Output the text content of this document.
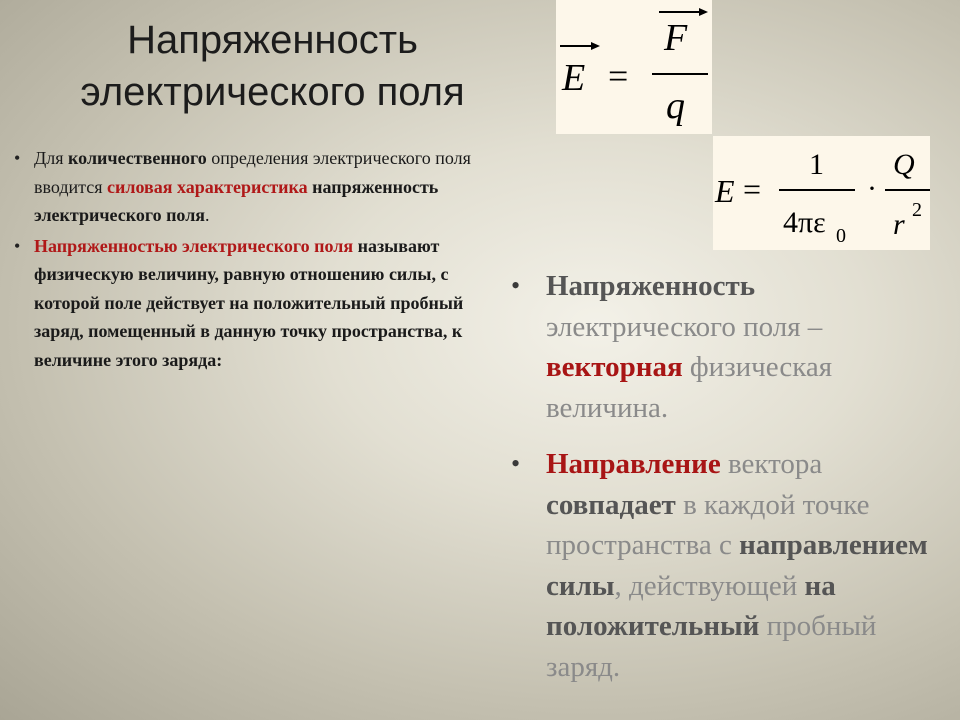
Напряженность
электрического поля	E =
F
q
E =
1
4πε 0
·
Q
r 2
• Для количественного определения электрического поля вводится силовая характеристика напряженность электрического поля.
• Напряженностью электрического поля называют физическую величину, равную отношению силы, с которой поле действует на положительный пробный заряд, помещенный в данную точку пространства, к величине этого заряда:
• Напряженность электрического поля – векторная физическая величина.
• Направление вектора совпадает в каждой точке пространства с направлением силы, действующей на положительный пробный заряд.
